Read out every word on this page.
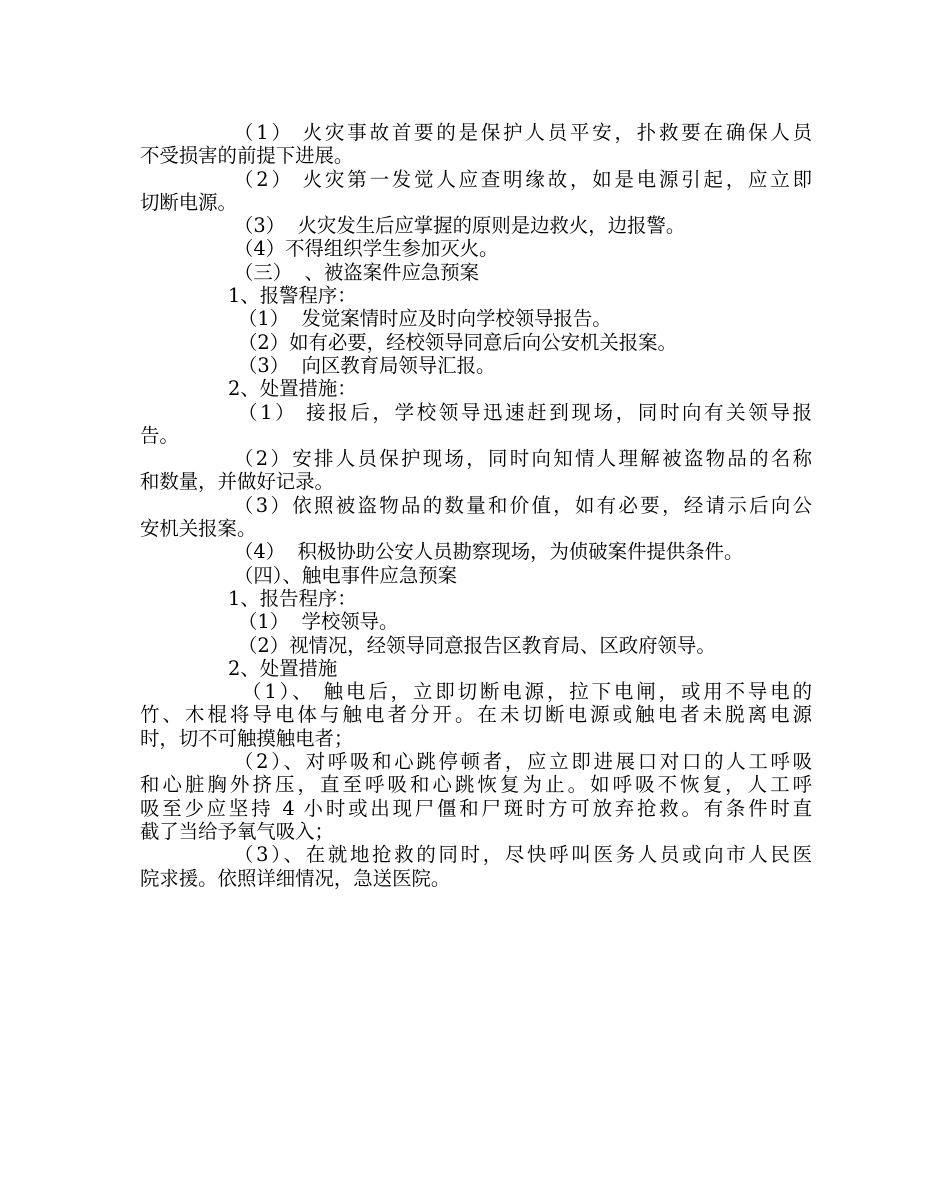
（1） 火灾事故首要的是保护人员平安，扑救要在确保人员
不受损害的前提下进展。
（2） 火灾第一发觉人应查明缘故，如是电源引起，应立即
切断电源。
（3）  火灾发生后应掌握的原则是边救火，边报警。
（4）不得组织学生参加灭火。
（三）  、被盗案件应急预案
1、报警程序：
（1）  发觉案情时应及时向学校领导报告。
（2）如有必要，经校领导同意后向公安机关报案。
（3）  向区教育局领导汇报。
2、处置措施：
（1） 接报后，学校领导迅速赶到现场，同时向有关领导报
告。
（2）安排人员保护现场，同时向知情人理解被盗物品的名称
和数量，并做好记录。
（3）依照被盗物品的数量和价值，如有必要，经请示后向公
安机关报案。
（4）  积极协助公安人员勘察现场，为侦破案件提供条件。
（四）、触电事件应急预案
1、报告程序：
（1）  学校领导。
（2）视情况，经领导同意报告区教育局、区政府领导。
2、处置措施
（1）、 触电后，立即切断电源，拉下电闸，或用不导电的
竹、木棍将导电体与触电者分开。在未切断电源或触电者未脱离电源
时，切不可触摸触电者；
（2）、对呼吸和心跳停顿者，应立即进展口对口的人工呼吸
和心脏胸外挤压，直至呼吸和心跳恢复为止。如呼吸不恢复，人工呼
吸至少应坚持 4 小时或出现尸僵和尸斑时方可放弃抢救。有条件时直
截了当给予氧气吸入；
（3）、在就地抢救的同时，尽快呼叫医务人员或向市人民医
院求援。依照详细情况，急送医院。
